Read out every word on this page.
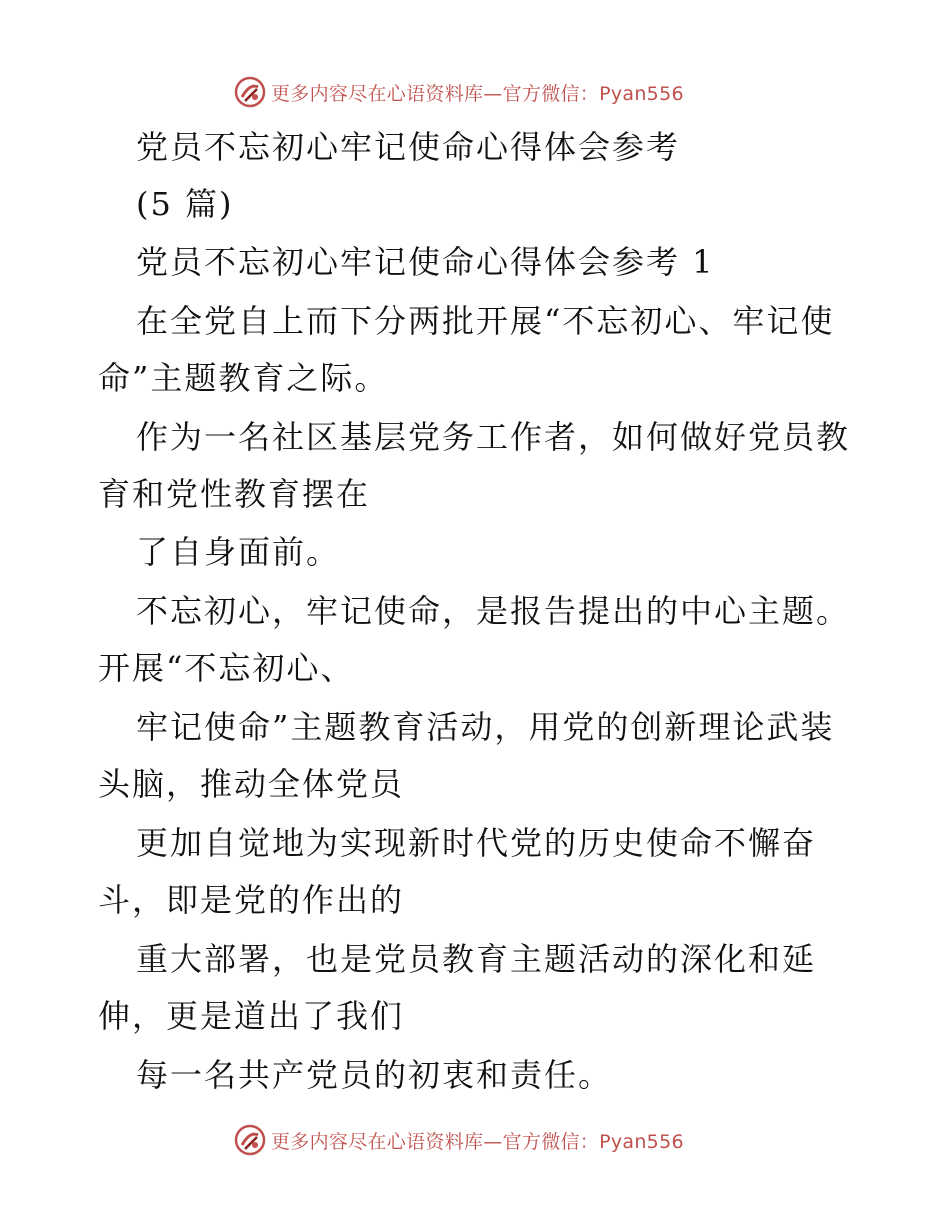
更多内容尽在心语资料库—官方微信：Pyan556
党员不忘初心牢记使命心得体会参考
(5 篇)
党员不忘初心牢记使命心得体会参考 1
在全党自上而下分两批开展“不忘初心、牢记使
命”主题教育之际。
作为一名社区基层党务工作者，如何做好党员教
育和党性教育摆在
了自身面前。
不忘初心，牢记使命，是报告提出的中心主题。
开展“不忘初心、
牢记使命”主题教育活动，用党的创新理论武装
头脑，推动全体党员
更加自觉地为实现新时代党的历史使命不懈奋
斗，即是党的作出的
重大部署，也是党员教育主题活动的深化和延
伸，更是道出了我们
每一名共产党员的初衷和责任。
更多内容尽在心语资料库—官方微信：Pyan556
